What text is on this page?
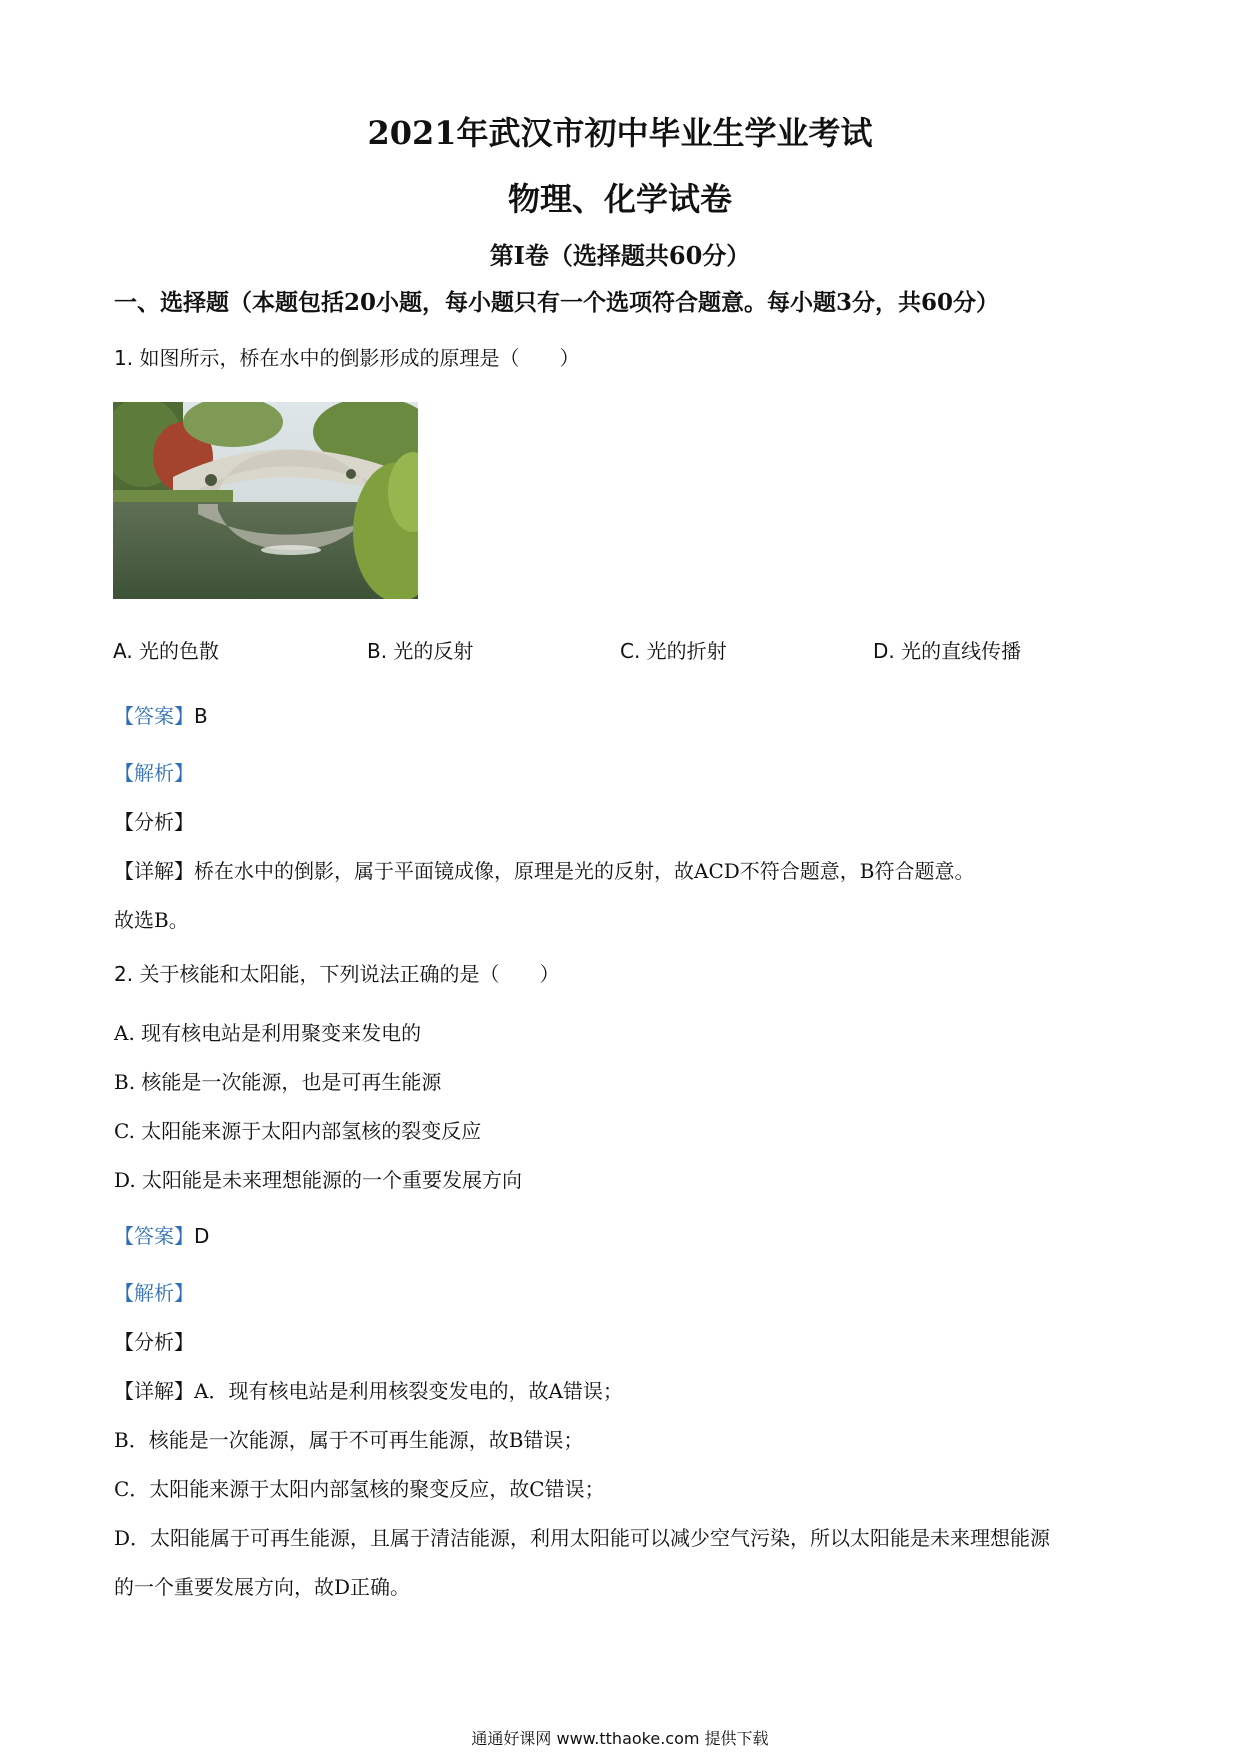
2021年武汉市初中毕业生学业考试
物理、化学试卷
第Ⅰ卷（选择题共60分）
一、选择题（本题包括20小题，每小题只有一个选项符合题意。每小题3分，共60分）
1. 如图所示，桥在水中的倒影形成的原理是（　　）
A. 光的色散	B. 光的反射	C. 光的折射	D. 光的直线传播
【答案】B
【解析】
【分析】
【详解】桥在水中的倒影，属于平面镜成像，原理是光的反射，故ACD不符合题意，B符合题意。
故选B。
2. 关于核能和太阳能，下列说法正确的是（　　）
A. 现有核电站是利用聚变来发电的
B. 核能是一次能源，也是可再生能源
C. 太阳能来源于太阳内部氢核的裂变反应
D. 太阳能是未来理想能源的一个重要发展方向
【答案】D
【解析】
【分析】
【详解】A．现有核电站是利用核裂变发电的，故A错误；
B．核能是一次能源，属于不可再生能源，故B错误；
C．太阳能来源于太阳内部氢核的聚变反应，故C错误；
D．太阳能属于可再生能源，且属于清洁能源，利用太阳能可以减少空气污染，所以太阳能是未来理想能源
的一个重要发展方向，故D正确。
通通好课网 www.tthaoke.com 提供下载
